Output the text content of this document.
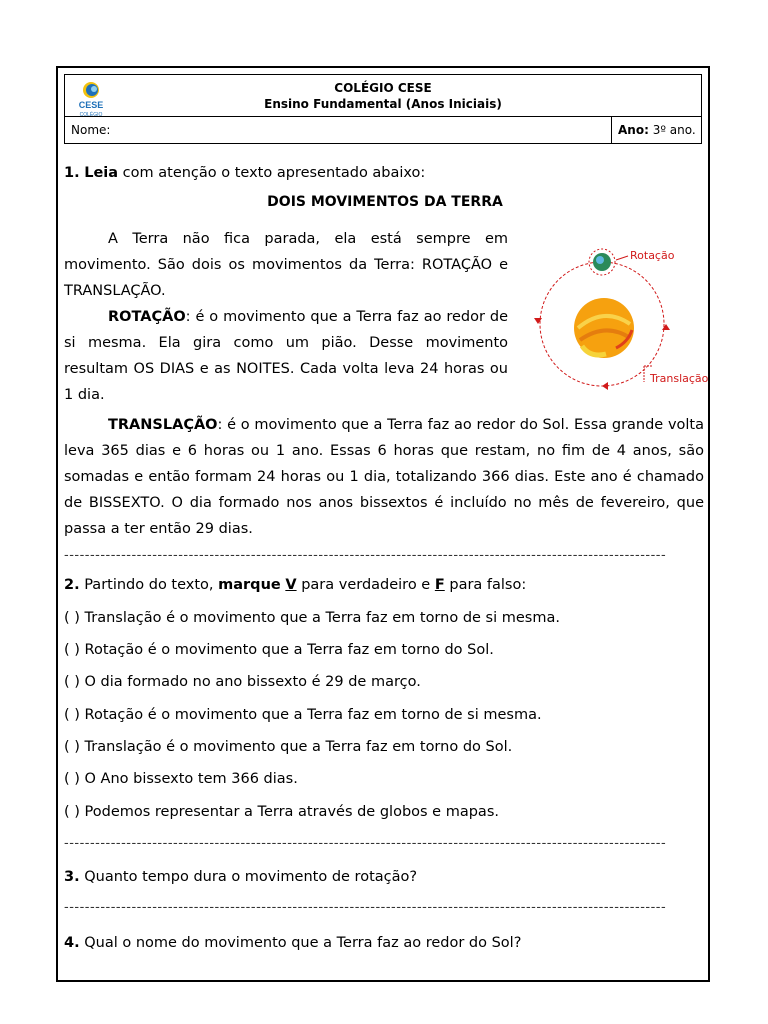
CESE
COLÉGIO
COLÉGIO CESE
Ensino Fundamental (Anos Iniciais)
Nome:	Ano: 3º ano.
1. Leia com atenção o texto apresentado abaixo:
DOIS MOVIMENTOS DA TERRA
A Terra não fica parada, ela está sempre em movimento. São dois os movimentos da Terra: ROTAÇÃO e TRANSLAÇÃO.
ROTAÇÃO: é o movimento que a Terra faz ao redor de si mesma. Ela gira como um pião. Desse movimento resultam OS DIAS e as NOITES. Cada volta leva 24 horas ou 1 dia.
TRANSLAÇÃO: é o movimento que a Terra faz ao redor do Sol. Essa grande volta leva 365 dias e 6 horas ou 1 ano. Essas 6 horas que restam, no fim de 4 anos, são somadas e então formam 24 horas ou 1 dia, totalizando 366 dias. Este ano é chamado de BISSEXTO. O dia formado nos anos bissextos é incluído no mês de fevereiro, que passa a ter então 29 dias.
Rotação
Translação
--------------------------------------------------------------------------------------------------------------------
2. Partindo do texto, marque V para verdadeiro e F para falso:
( ) Translação é o movimento que a Terra faz em torno de si mesma.
( ) Rotação é o movimento que a Terra faz em torno do Sol.
( ) O dia formado no ano bissexto é 29 de março.
( ) Rotação é o movimento que a Terra faz em torno de si mesma.
( ) Translação é o movimento que a Terra faz em torno do Sol.
( ) O Ano bissexto tem 366 dias.
( ) Podemos representar a Terra através de globos e mapas.
--------------------------------------------------------------------------------------------------------------------
3. Quanto tempo dura o movimento de rotação?
--------------------------------------------------------------------------------------------------------------------
4. Qual o nome do movimento que a Terra faz ao redor do Sol?
